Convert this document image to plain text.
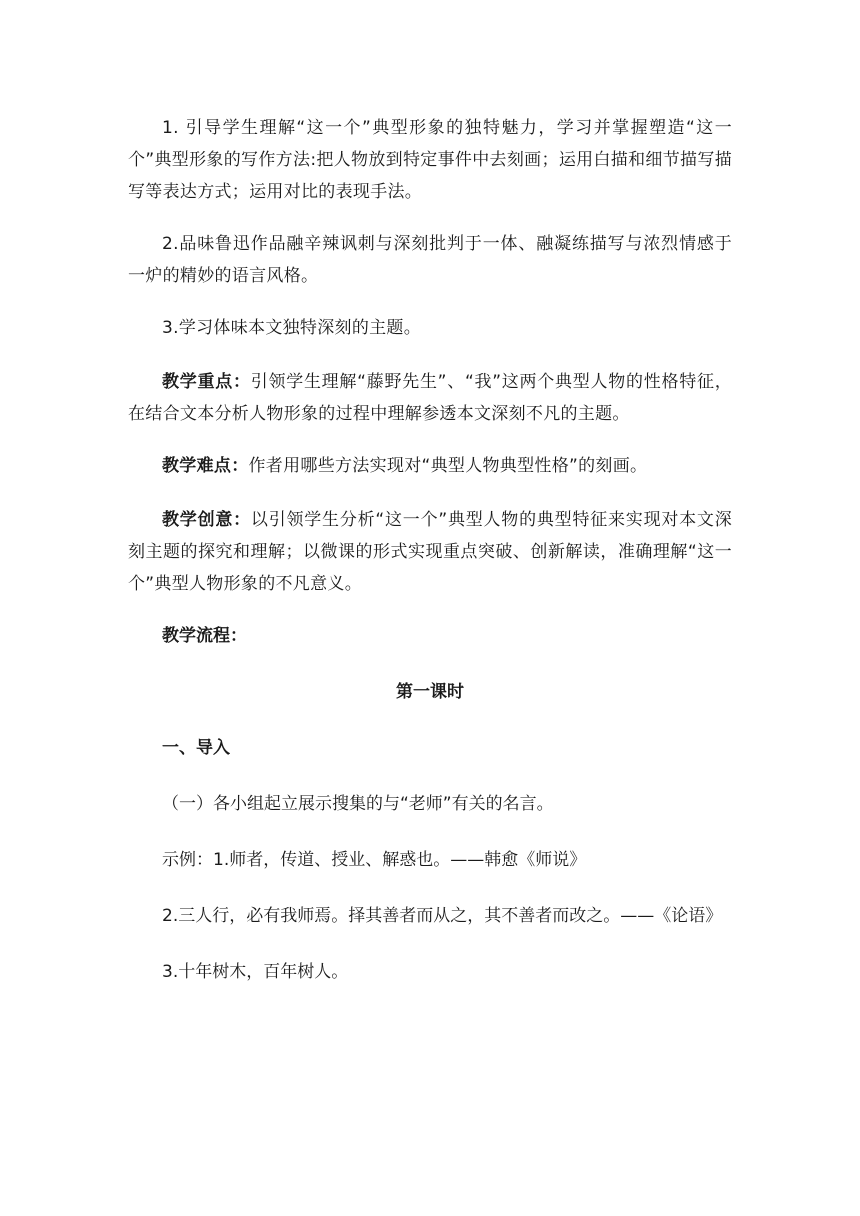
1. 引导学生理解“这一个”典型形象的独特魅力，学习并掌握塑造“这一个”典型形象的写作方法:把人物放到特定事件中去刻画；运用白描和细节描写描写等表达方式；运用对比的表现手法。

2.品味鲁迅作品融辛辣讽刺与深刻批判于一体、融凝练描写与浓烈情感于一炉的精妙的语言风格。

3.学习体味本文独特深刻的主题。

教学重点：引领学生理解“藤野先生”、“我”这两个典型人物的性格特征，在结合文本分析人物形象的过程中理解参透本文深刻不凡的主题。

教学难点：作者用哪些方法实现对“典型人物典型性格”的刻画。

教学创意：以引领学生分析“这一个”典型人物的典型特征来实现对本文深刻主题的探究和理解；以微课的形式实现重点突破、创新解读，准确理解“这一个”典型人物形象的不凡意义。

教学流程：
第一课时
一、导入
（一）各小组起立展示搜集的与“老师”有关的名言。
示例：1.师者，传道、授业、解惑也。——韩愈《师说》
2.三人行，必有我师焉。择其善者而从之，其不善者而改之。——《论语》
3.十年树木，百年树人。
